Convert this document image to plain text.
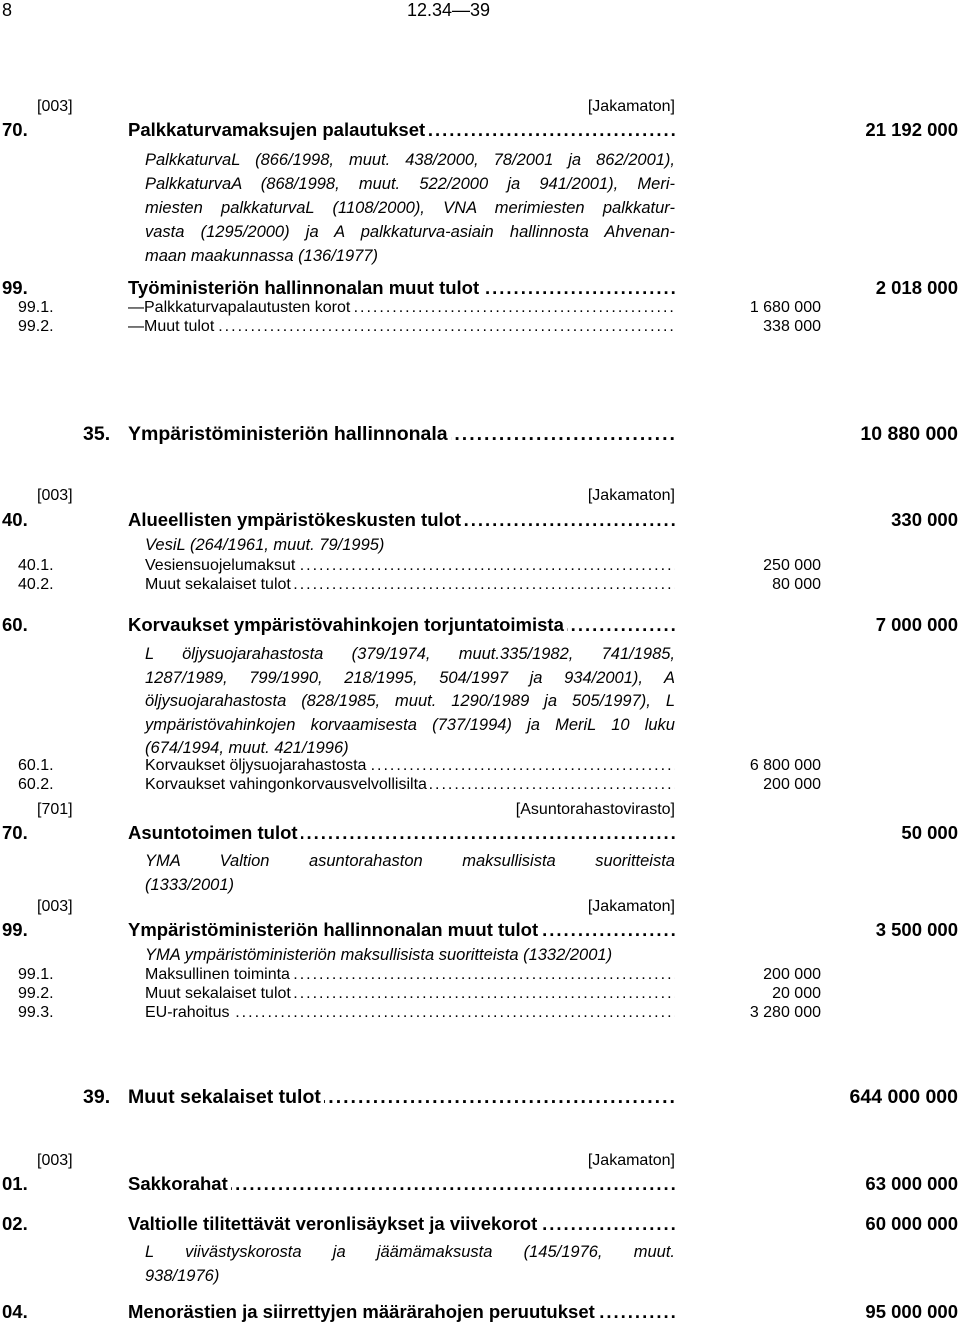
8	12.34—39
[003]	[Jakamaton]
70.	Palkkaturvamaksujen palautukset .....	21 192 000
PalkkaturvaL (866/1998, muut. 438/2000, 78/2001 ja 862/2001),
PalkkaturvaA (868/1998, muut. 522/2000 ja 941/2001), Meri-
miesten palkkaturvaL (1108/2000), VNA merimiesten palkkatur-
vasta (1295/2000) ja A palkkaturva-asiain hallinnosta Ahvenan-
maan maakunnassa (136/1977)
99.	Työministeriön hallinnonalan muut tulot .....	2 018 000
99.1.	—Palkkaturvapalautusten korot .....	1 680 000
99.2.	—Muut tulot .....	338 000
35. Ympäristöministeriön hallinnonala .....	10 880 000
[003]	[Jakamaton]
40.	Alueellisten ympäristökeskusten tulot .....	330 000
VesiL (264/1961, muut. 79/1995)
40.1.	Vesiensuojelumaksut .....	250 000
40.2.	Muut sekalaiset tulot .....	80 000
60.	Korvaukset ympäristövahinkojen torjuntatoimista .....	7 000 000
L öljysuojarahastosta (379/1974, muut.335/1982, 741/1985,
1287/1989, 799/1990, 218/1995, 504/1997 ja 934/2001), A
öljysuojarahastosta (828/1985, muut. 1290/1989 ja 505/1997), L
ympäristövahinkojen korvaamisesta (737/1994) ja MeriL 10 luku
(674/1994, muut. 421/1996)
60.1.	Korvaukset öljysuojarahastosta .....	6 800 000
60.2.	Korvaukset vahingonkorvausvelvollisilta .....	200 000
[701]	[Asuntorahastovirasto]
70.	Asuntotoimen tulot .....	50 000
YMA Valtion asuntorahaston maksullisista suoritteista
(1333/2001)
[003]	[Jakamaton]
99.	Ympäristöministeriön hallinnonalan muut tulot .....	3 500 000
YMA ympäristöministeriön maksullisista suoritteista (1332/2001)
99.1.	Maksullinen toiminta .....	200 000
99.2.	Muut sekalaiset tulot .....	20 000
99.3.	EU-rahoitus .....	3 280 000
39. Muut sekalaiset tulot .....	644 000 000
[003]	[Jakamaton]
01.	Sakkorahat .....	63 000 000
02.	Valtiolle tilitettävät veronlisäykset ja viivekorot .....	60 000 000
L viivästyskorosta ja jäämämaksusta (145/1976, muut.
938/1976)
04.	Menorästien ja siirrettyjen määrärahojen peruutukset .....	95 000 000
